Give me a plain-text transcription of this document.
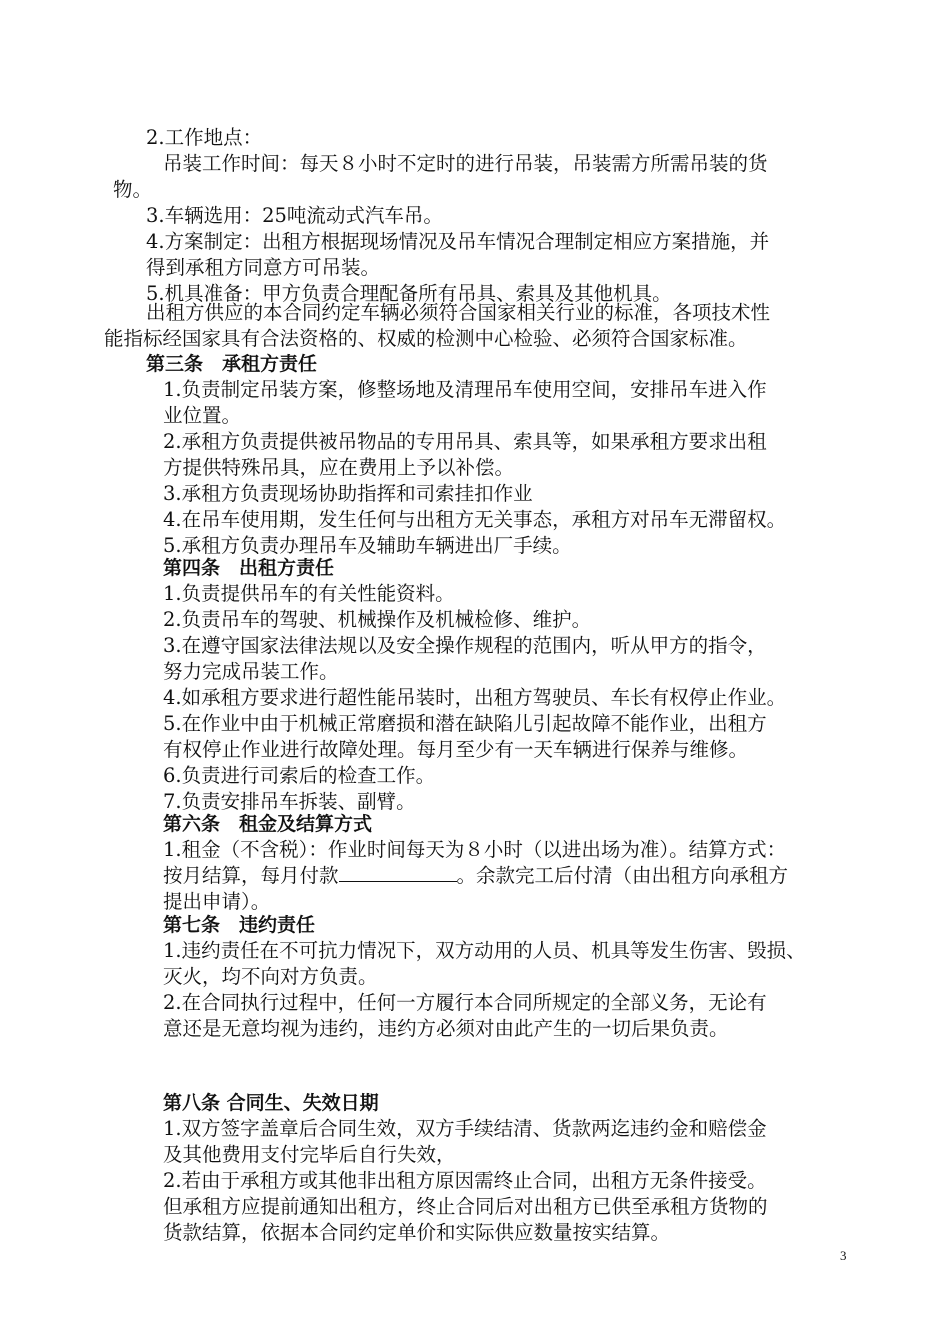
2.工作地点：
吊装工作时间：每天８小时不定时的进行吊装，吊装需方所需吊装的货
物。
3.车辆选用：25吨流动式汽车吊。
4.方案制定：出租方根据现场情况及吊车情况合理制定相应方案措施，并
得到承租方同意方可吊装。
5.机具准备：甲方负责合理配备所有吊具、索具及其他机具。
出租方供应的本合同约定车辆必须符合国家相关行业的标准，各项技术性
能指标经国家具有合法资格的、权威的检测中心检验、必须符合国家标准。
第三条　承租方责任
1.负责制定吊装方案，修整场地及清理吊车使用空间，安排吊车进入作
业位置。
2.承租方负责提供被吊物品的专用吊具、索具等，如果承租方要求出租
方提供特殊吊具，应在费用上予以补偿。
3.承租方负责现场协助指挥和司索挂扣作业
4.在吊车使用期，发生任何与出租方无关事态，承租方对吊车无滞留权。
5.承租方负责办理吊车及辅助车辆进出厂手续。
第四条　出租方责任
1.负责提供吊车的有关性能资料。
2.负责吊车的驾驶、机械操作及机械检修、维护。
3.在遵守国家法律法规以及安全操作规程的范围内，听从甲方的指令，
努力完成吊装工作。
4.如承租方要求进行超性能吊装时，出租方驾驶员、车长有权停止作业。
5.在作业中由于机械正常磨损和潜在缺陷儿引起故障不能作业，出租方
有权停止作业进行故障处理。每月至少有一天车辆进行保养与维修。
6.负责进行司索后的检查工作。
7.负责安排吊车拆装、副臂。
第六条　租金及结算方式
1.租金（不含税）：作业时间每天为８小时（以进出场为准）。结算方式：
按月结算，每月付款	。余款完工后付清（由出租方向承租方
提出申请）。
第七条　违约责任
1.违约责任在不可抗力情况下，双方动用的人员、机具等发生伤害、毁损、
灭火，均不向对方负责。
2.在合同执行过程中，任何一方履行本合同所规定的全部义务，无论有
意还是无意均视为违约，违约方必须对由此产生的一切后果负责。
第八条 合同生、失效日期
1.双方签字盖章后合同生效，双方手续结清、货款两迄违约金和赔偿金
及其他费用支付完毕后自行失效，
2.若由于承租方或其他非出租方原因需终止合同，出租方无条件接受。
但承租方应提前通知出租方，终止合同后对出租方已供至承租方货物的
货款结算，依据本合同约定单价和实际供应数量按实结算。
3
